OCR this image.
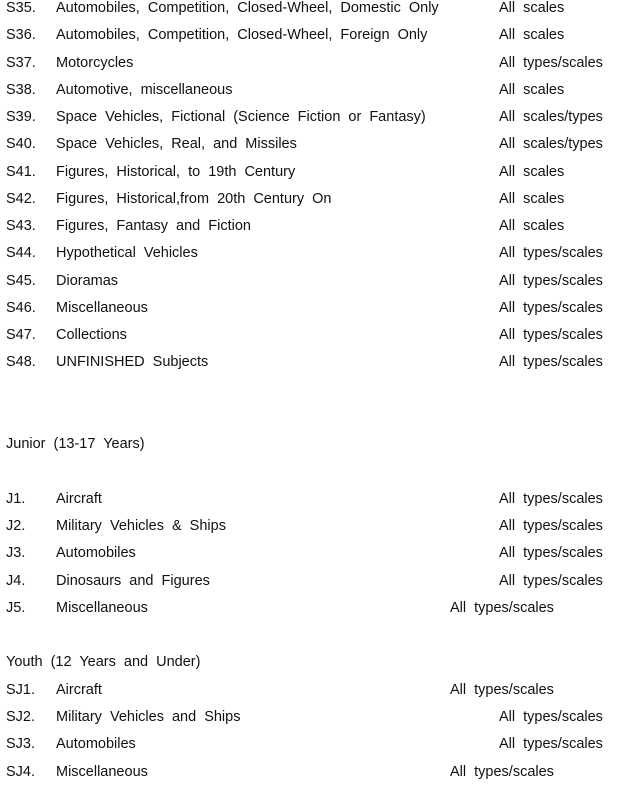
S35. Automobiles, Competition, Closed-Wheel, Domestic Only	All scales
S36. Automobiles, Competition, Closed-Wheel, Foreign Only	All scales
S37. Motorcycles	All types/scales
S38. Automotive, miscellaneous	All scales
S39. Space Vehicles, Fictional (Science Fiction or Fantasy)	All scales/types
S40. Space Vehicles, Real, and Missiles	All scales/types
S41. Figures, Historical, to 19th Century	All scales
S42. Figures, Historical,from 20th Century On	All scales
S43. Figures, Fantasy and Fiction	All scales
S44. Hypothetical Vehicles	All types/scales
S45. Dioramas	All types/scales
S46. Miscellaneous	All types/scales
S47. Collections	All types/scales
S48. UNFINISHED Subjects	All types/scales
Junior (13-17 Years)
J1. Aircraft	All types/scales
J2. Military Vehicles & Ships	All types/scales
J3. Automobiles	All types/scales
J4. Dinosaurs and Figures	All types/scales
J5. Miscellaneous	All types/scales
Youth (12 Years and Under)
SJ1. Aircraft	All types/scales
SJ2. Military Vehicles and Ships	All types/scales
SJ3. Automobiles	All types/scales
SJ4. Miscellaneous	All types/scales
